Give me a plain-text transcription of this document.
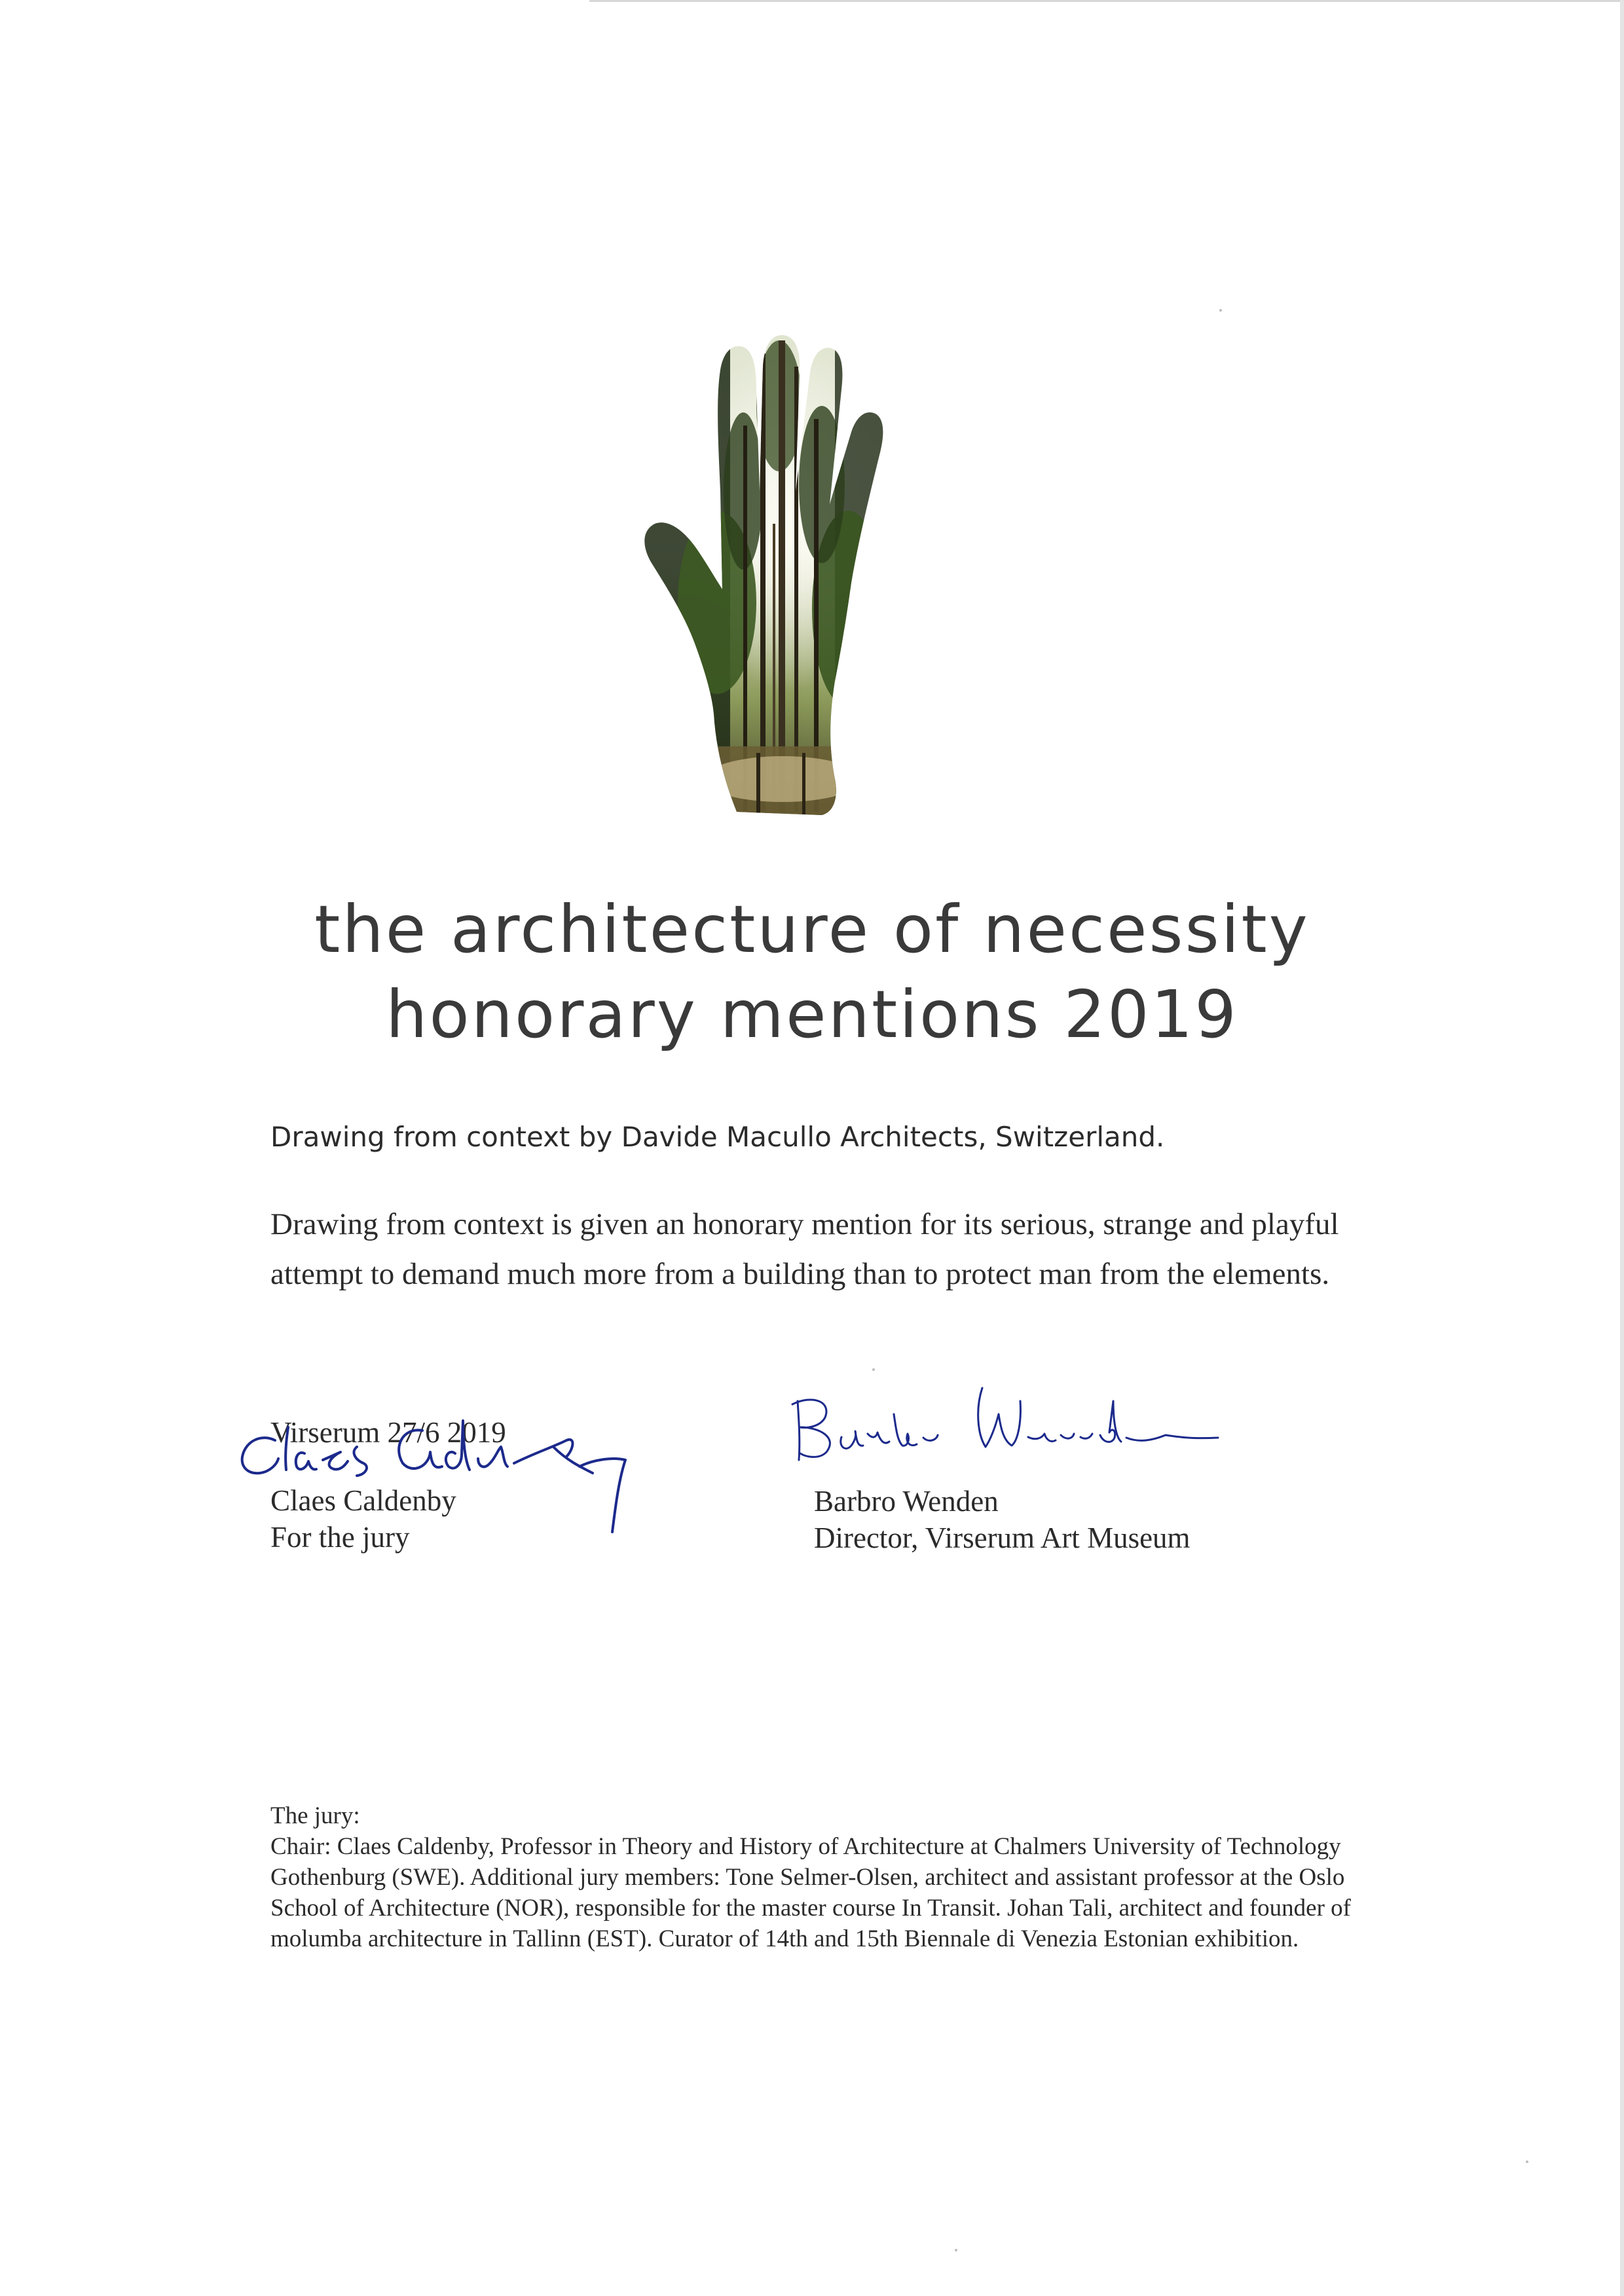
the architecture of necessity
honorary mentions 2019
Drawing from context by Davide Macullo Architects, Switzerland.
Drawing from context is given an honorary mention for its serious, strange and playful attempt to demand much more from a building than to protect man from the elements.
Virserum 27/6 2019
Claes Caldenby
For the jury
Barbro Wenden
Director, Virserum Art Museum

The jury:

Chair: Claes Caldenby, Professor in Theory and History of Architecture at Chalmers University of Technology Gothenburg (SWE). Additional jury members: Tone Selmer-Olsen, architect and assistant professor at the Oslo School of Architecture (NOR), responsible for the master course In Transit. Johan Tali, architect and founder of molumba architecture in Tallinn (EST). Curator of 14th and 15th Biennale di Venezia Estonian exhibition.
